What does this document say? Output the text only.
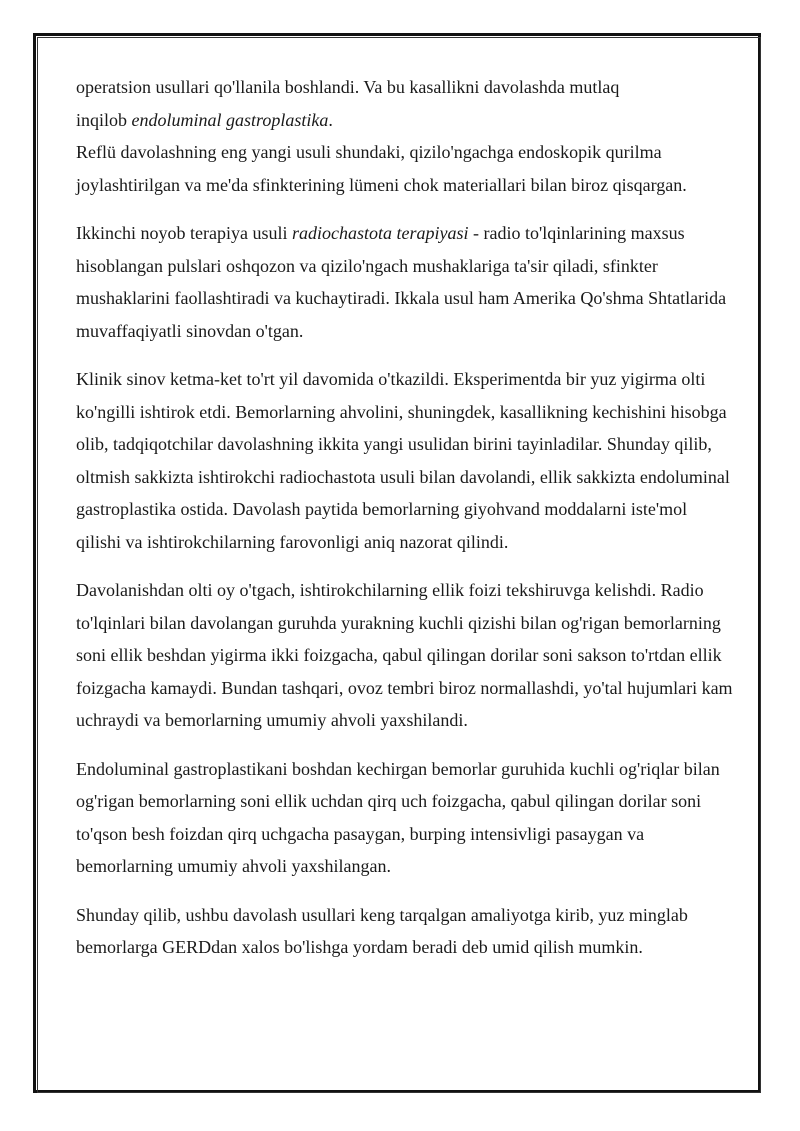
operatsion usullari qo'llanila boshlandi. Va bu kasallikni davolashda mutlaq
inqilob endoluminal gastroplastika.

Reflü davolashning eng yangi usuli shundaki, qizilo'ngachga endoskopik qurilma joylashtirilgan va me'da sfinkterining lümeni chok materiallari bilan biroz qisqargan.

Ikkinchi noyob terapiya usuli radiochastota terapiyasi - radio to'lqinlarining maxsus hisoblangan pulslari oshqozon va qizilo'ngach mushaklariga ta'sir qiladi, sfinkter mushaklarini faollashtiradi va kuchaytiradi. Ikkala usul ham Amerika Qo'shma Shtatlarida muvaffaqiyatli sinovdan o'tgan.

Klinik sinov ketma-ket to'rt yil davomida o'tkazildi. Eksperimentda bir yuz yigirma olti ko'ngilli ishtirok etdi. Bemorlarning ahvolini, shuningdek, kasallikning kechishini hisobga olib, tadqiqotchilar davolashning ikkita yangi usulidan birini tayinladilar. Shunday qilib, oltmish sakkizta ishtirokchi radiochastota usuli bilan davolandi, ellik sakkizta endoluminal gastroplastika ostida. Davolash paytida bemorlarning giyohvand moddalarni iste'mol qilishi va ishtirokchilarning farovonligi aniq nazorat qilindi.

Davolanishdan olti oy o'tgach, ishtirokchilarning ellik foizi tekshiruvga kelishdi. Radio to'lqinlari bilan davolangan guruhda yurakning kuchli qizishi bilan og'rigan bemorlarning soni ellik beshdan yigirma ikki foizgacha, qabul qilingan dorilar soni sakson to'rtdan ellik foizgacha kamaydi. Bundan tashqari, ovoz tembri biroz normallashdi, yo'tal hujumlari kam uchraydi va bemorlarning umumiy ahvoli yaxshilandi.

Endoluminal gastroplastikani boshdan kechirgan bemorlar guruhida kuchli og'riqlar bilan og'rigan bemorlarning soni ellik uchdan qirq uch foizgacha, qabul qilingan dorilar soni to'qson besh foizdan qirq uchgacha pasaygan, burping intensivligi pasaygan va bemorlarning umumiy ahvoli yaxshilangan.

Shunday qilib, ushbu davolash usullari keng tarqalgan amaliyotga kirib, yuz minglab bemorlarga GERDdan xalos bo'lishga yordam beradi deb umid qilish mumkin.
